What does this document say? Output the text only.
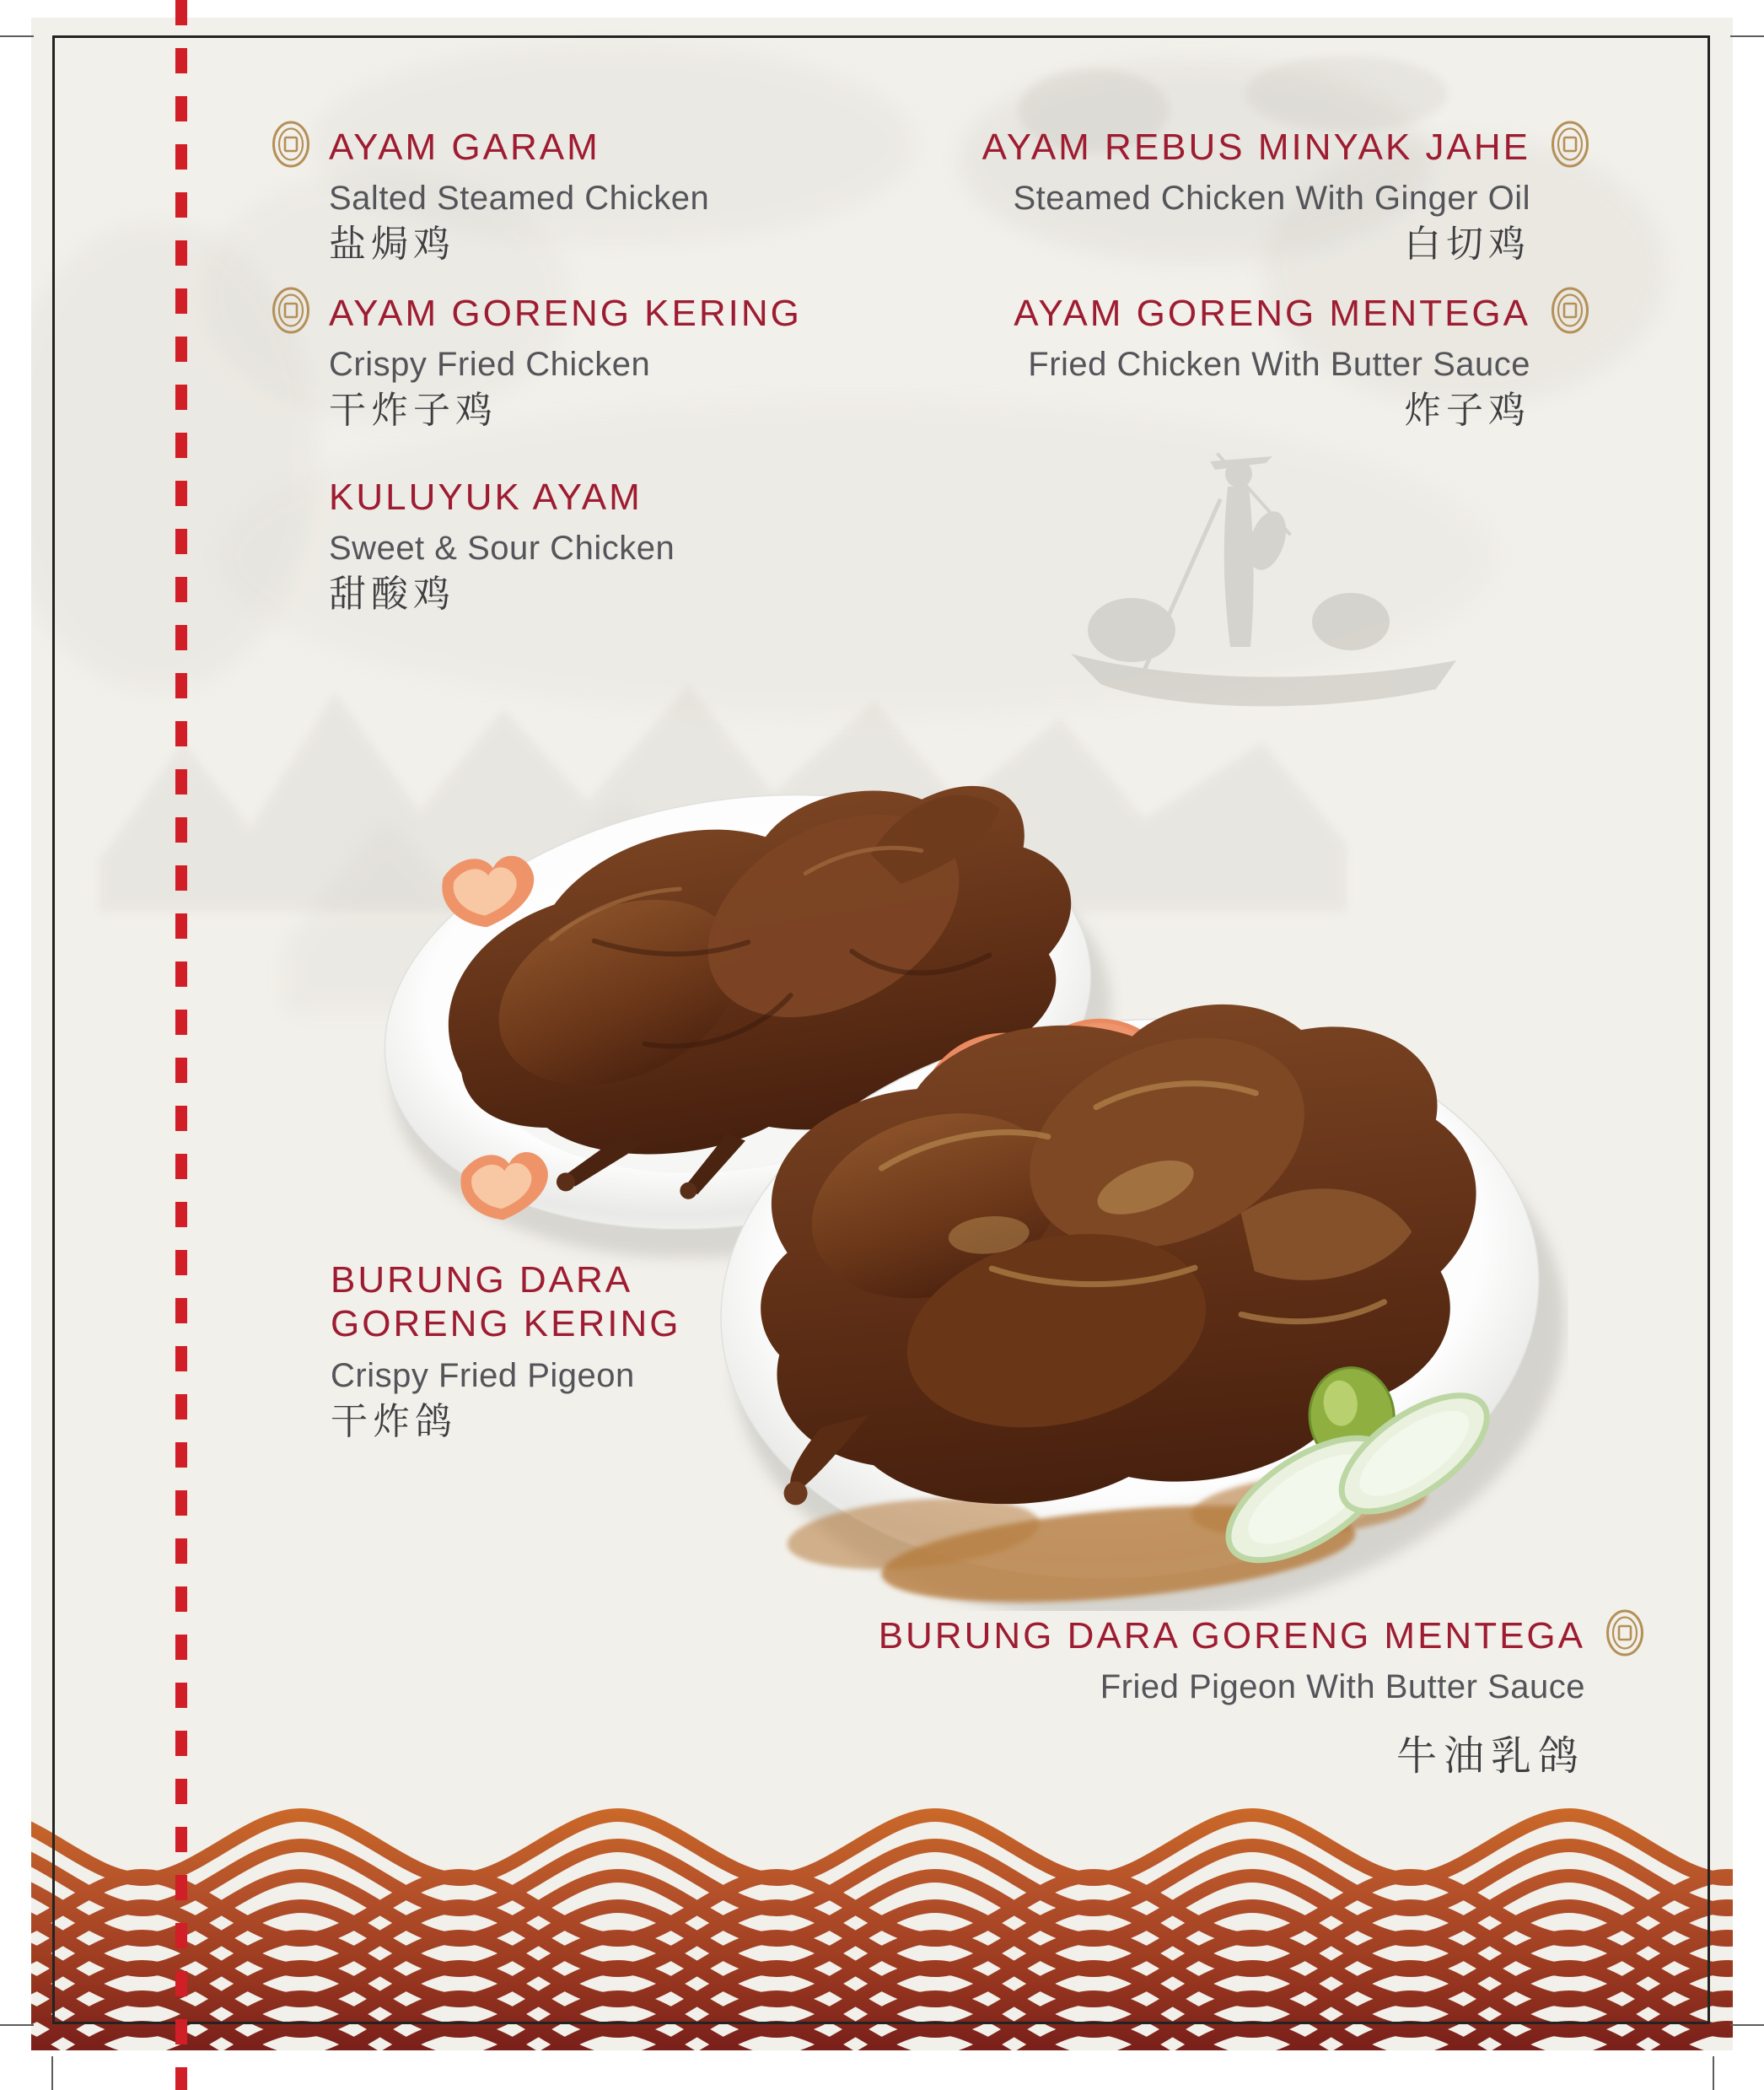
AYAM GARAM
Salted Steamed Chicken
盐焗鸡
AYAM GORENG KERING
Crispy Fried Chicken
干炸子鸡
KULUYUK AYAM
Sweet & Sour Chicken
甜酸鸡
AYAM REBUS MINYAK JAHE
Steamed Chicken With Ginger Oil
白切鸡
AYAM GORENG MENTEGA
Fried Chicken With Butter Sauce
炸子鸡
BURUNG DARA
GORENG KERING
Crispy Fried Pigeon
干炸鸽
BURUNG DARA GORENG MENTEGA
Fried Pigeon With Butter Sauce
牛油乳鸽
